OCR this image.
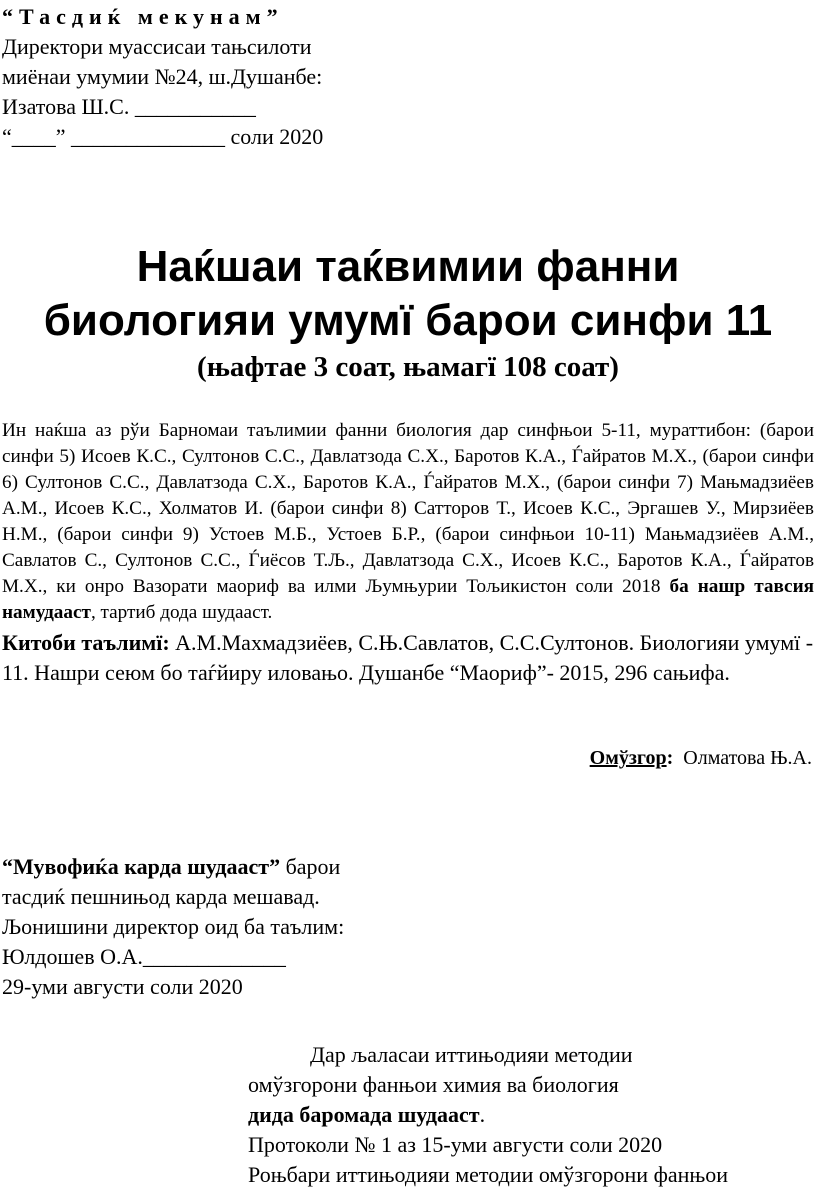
“Тасдиќ мекунам”
Директори муассисаи тањсилоти
миёнаи умумии №24, ш.Душанбе:
Изатова Ш.С. ___________
“____” ______________ соли 2020
Наќшаи таќвимии фанни
биологияи умумї барои синфи 11
(њафтае 3 соат, њамагї 108 соат)
Ин наќша аз рўи Барномаи таълимии фанни биология дар синфњои 5-11, мураттибон: (барои синфи 5) Исоев К.С., Султонов С.С., Давлатзода С.Х., Баротов К.А., Ѓайратов М.Х., (барои синфи 6) Султонов С.С., Давлатзода С.Х., Баротов К.А., Ѓайратов М.Х., (барои синфи 7) Мањмадзиёев А.М., Исоев К.С., Холматов И. (барои синфи 8) Сатторов Т., Исоев К.С., Эргашев У., Мирзиёев Н.М., (барои синфи 9) Устоев М.Б., Устоев Б.Р., (барои синфњои 10-11) Мањмадзиёев А.М., Савлатов С., Султонов С.С., Ѓиёсов Т.Љ., Давлатзода С.Х., Исоев К.С., Баротов К.А., Ѓайратов М.Х., ки онро Вазорати маориф ва илми Љумњурии Тољикистон соли 2018 ба нашр тавсия намудааст, тартиб дода шудааст.
Китоби таълимї: А.М.Махмадзиёев, С.Њ.Савлатов, С.С.Султонов. Биологияи умумї - 11. Нашри сеюм бо таѓйиру иловањо. Душанбе “Маориф”- 2015, 296 сањифа.
Омўзгор: Олматова Њ.А.
“Мувофиќа карда шудааст” барои
тасдиќ пешнињод карда мешавад.
Љонишини директор оид ба таълим:
Юлдошев О.А._____________
29-уми августи соли 2020
Дар љаласаи иттињодияи методии
омўзгорони фанњои химия ва биология
дида баромада шудааст.
Протоколи № 1 аз 15-уми августи соли 2020
Роњбари иттињодияи методии омўзгорони фанњои
